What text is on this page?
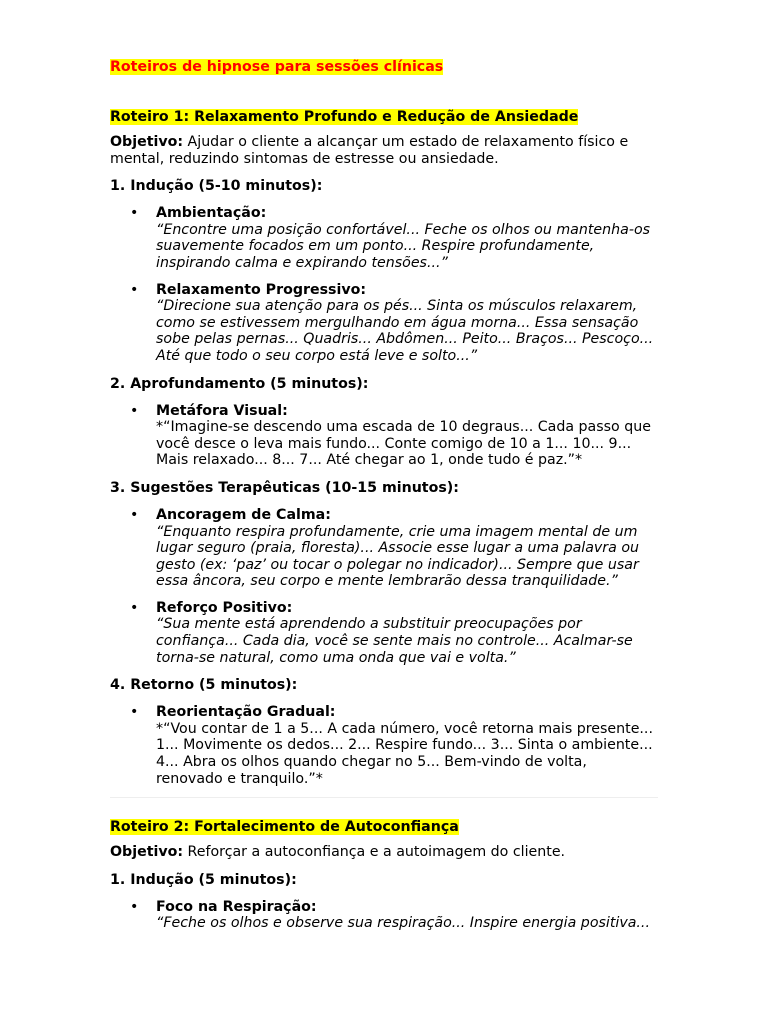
Roteiros de hipnose para sessões clínicas
Roteiro 1: Relaxamento Profundo e Redução de Ansiedade

Objetivo: Ajudar o cliente a alcançar um estado de relaxamento físico e mental, reduzindo sintomas de estresse ou ansiedade.

1. Indução (5-10 minutos):
• Ambientação:
“Encontre uma posição confortável... Feche os olhos ou mantenha-os suavemente focados em um ponto... Respire profundamente, inspirando calma e expirando tensões...”
• Relaxamento Progressivo:
“Direcione sua atenção para os pés... Sinta os músculos relaxarem, como se estivessem mergulhando em água morna... Essa sensação sobe pelas pernas... Quadris... Abdômen... Peito... Braços... Pescoço... Até que todo o seu corpo está leve e solto...”
2. Aprofundamento (5 minutos):
• Metáfora Visual:
*“Imagine-se descendo uma escada de 10 degraus... Cada passo que você desce o leva mais fundo... Conte comigo de 10 a 1... 10... 9... Mais relaxado... 8... 7... Até chegar ao 1, onde tudo é paz.”*
3. Sugestões Terapêuticas (10-15 minutos):
• Ancoragem de Calma:
“Enquanto respira profundamente, crie uma imagem mental de um lugar seguro (praia, floresta)... Associe esse lugar a uma palavra ou gesto (ex: ‘paz’ ou tocar o polegar no indicador)... Sempre que usar essa âncora, seu corpo e mente lembrarão dessa tranquilidade.”
• Reforço Positivo:
“Sua mente está aprendendo a substituir preocupações por confiança... Cada dia, você se sente mais no controle... Acalmar-se torna-se natural, como uma onda que vai e volta.”
4. Retorno (5 minutos):
• Reorientação Gradual:
*“Vou contar de 1 a 5... A cada número, você retorna mais presente... 1... Movimente os dedos... 2... Respire fundo... 3... Sinta o ambiente... 4... Abra os olhos quando chegar no 5... Bem-vindo de volta, renovado e tranquilo.”*
Roteiro 2: Fortalecimento de Autoconfiança

Objetivo: Reforçar a autoconfiança e a autoimagem do cliente.

1. Indução (5 minutos):
• Foco na Respiração:
“Feche os olhos e observe sua respiração... Inspire energia positiva...
